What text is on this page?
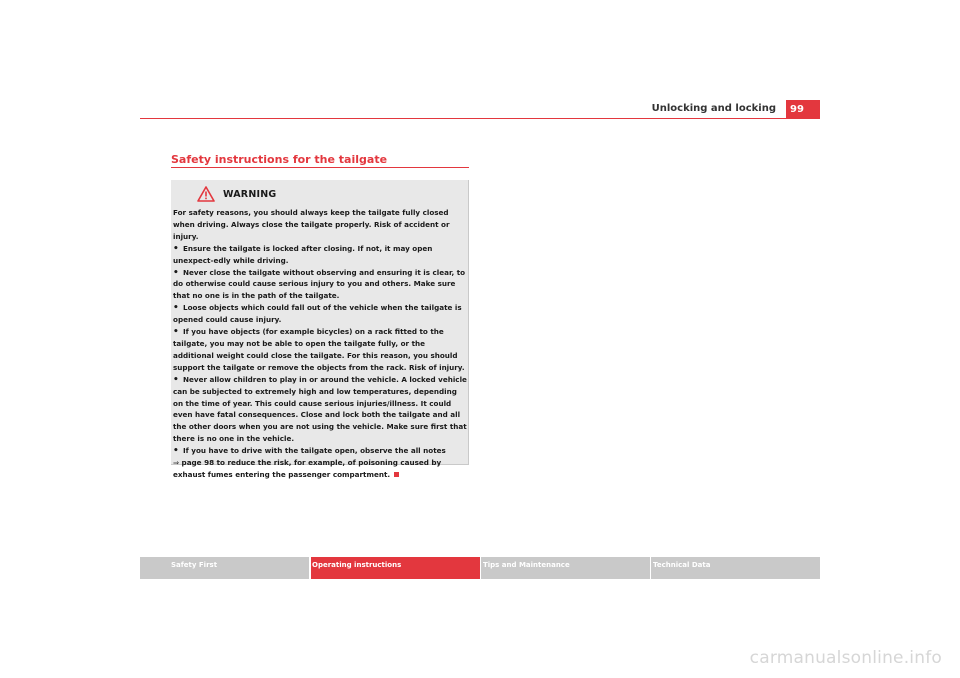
Unlocking and locking	99
Safety instructions for the tailgate
WARNING

For safety reasons, you should always keep the tailgate fully closed when driving. Always close the tailgate properly. Risk of accident or injury.

• Ensure the tailgate is locked after closing. If not, it may open unexpect-edly while driving.

• Never close the tailgate without observing and ensuring it is clear, to do otherwise could cause serious injury to you and others. Make sure that no one is in the path of the tailgate.

• Loose objects which could fall out of the vehicle when the tailgate is opened could cause injury.

• If you have objects (for example bicycles) on a rack fitted to the tailgate, you may not be able to open the tailgate fully, or the additional weight could close the tailgate. For this reason, you should support the tailgate or remove the objects from the rack. Risk of injury.

• Never allow children to play in or around the vehicle. A locked vehicle can be subjected to extremely high and low temperatures, depending on the time of year. This could cause serious injuries/illness. It could even have fatal consequences. Close and lock both the tailgate and all the other doors when you are not using the vehicle. Make sure first that there is no one in the vehicle.

• If you have to drive with the tailgate open, observe the all notes
⇒ page 98 to reduce the risk, for example, of poisoning caused by exhaust fumes entering the passenger compartment.

Safety First	Operating instructions	Tips and Maintenance	Technical Data
carmanualsonline.info
